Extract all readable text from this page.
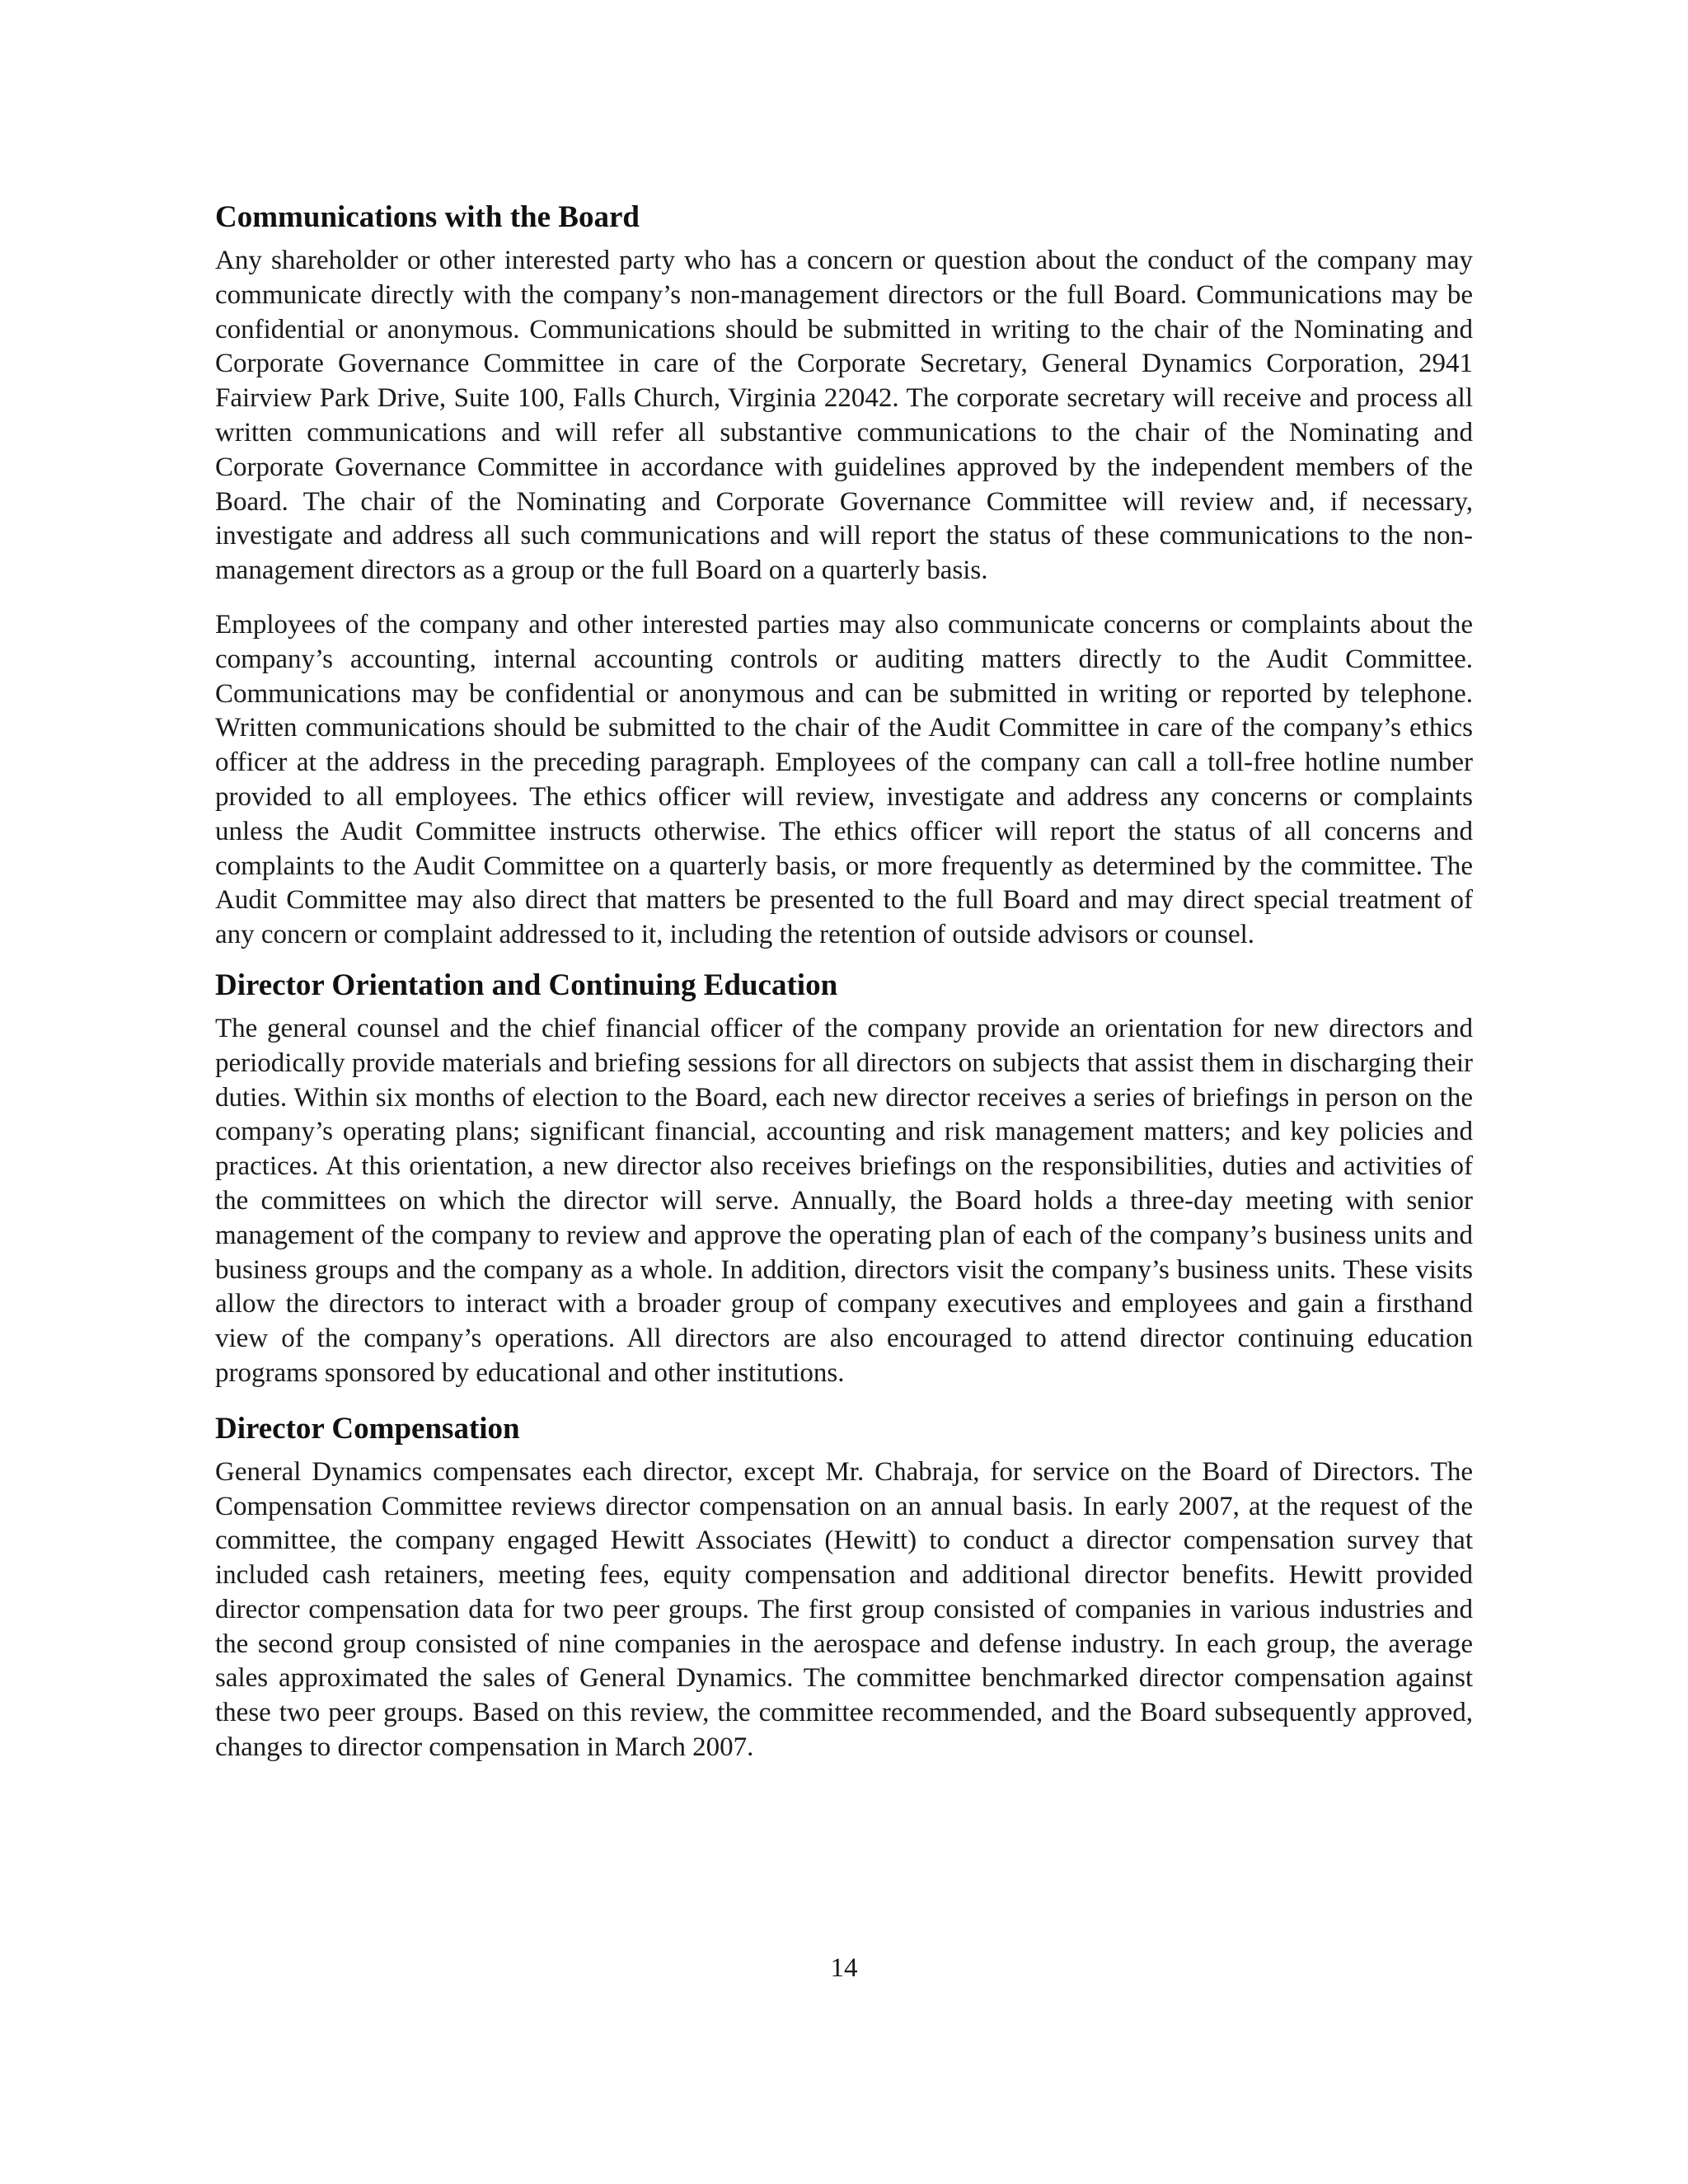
Communications with the Board

Any shareholder or other interested party who has a concern or question about the conduct of the company may communicate directly with the company’s non-management directors or the full Board. Communications may be confidential or anonymous. Communications should be submitted in writing to the chair of the Nominating and Corporate Governance Committee in care of the Corporate Secretary, General Dynamics Corporation, 2941 Fairview Park Drive, Suite 100, Falls Church, Virginia 22042. The corporate secretary will receive and process all written communications and will refer all substantive communications to the chair of the Nominating and Corporate Governance Committee in accordance with guidelines approved by the independent members of the Board. The chair of the Nominating and Corporate Governance Committee will review and, if necessary, investigate and address all such communications and will report the status of these communications to the non-management directors as a group or the full Board on a quarterly basis.

Employees of the company and other interested parties may also communicate concerns or complaints about the company’s accounting, internal accounting controls or auditing matters directly to the Audit Committee. Communications may be confidential or anonymous and can be submitted in writing or reported by telephone. Written communications should be submitted to the chair of the Audit Committee in care of the company’s ethics officer at the address in the preceding paragraph. Employees of the company can call a toll-free hotline number provided to all employees. The ethics officer will review, investigate and address any concerns or complaints unless the Audit Committee instructs otherwise. The ethics officer will report the status of all concerns and complaints to the Audit Committee on a quarterly basis, or more frequently as determined by the committee. The Audit Committee may also direct that matters be presented to the full Board and may direct special treatment of any concern or complaint addressed to it, including the retention of outside advisors or counsel.

Director Orientation and Continuing Education

The general counsel and the chief financial officer of the company provide an orientation for new directors and periodically provide materials and briefing sessions for all directors on subjects that assist them in discharging their duties. Within six months of election to the Board, each new director receives a series of briefings in person on the company’s operating plans; significant financial, accounting and risk management matters; and key policies and practices. At this orientation, a new director also receives briefings on the responsibilities, duties and activities of the committees on which the director will serve. Annually, the Board holds a three-day meeting with senior management of the company to review and approve the operating plan of each of the company’s business units and business groups and the company as a whole. In addition, directors visit the company’s business units. These visits allow the directors to interact with a broader group of company executives and employees and gain a firsthand view of the company’s operations. All directors are also encouraged to attend director continuing education programs sponsored by educational and other institutions.

Director Compensation

General Dynamics compensates each director, except Mr. Chabraja, for service on the Board of Directors. The Compensation Committee reviews director compensation on an annual basis. In early 2007, at the request of the committee, the company engaged Hewitt Associates (Hewitt) to conduct a director compensation survey that included cash retainers, meeting fees, equity compensation and additional director benefits. Hewitt provided director compensation data for two peer groups. The first group consisted of companies in various industries and the second group consisted of nine companies in the aerospace and defense industry. In each group, the average sales approximated the sales of General Dynamics. The committee benchmarked director compensation against these two peer groups. Based on this review, the committee recommended, and the Board subsequently approved, changes to director compensation in March 2007.

14
